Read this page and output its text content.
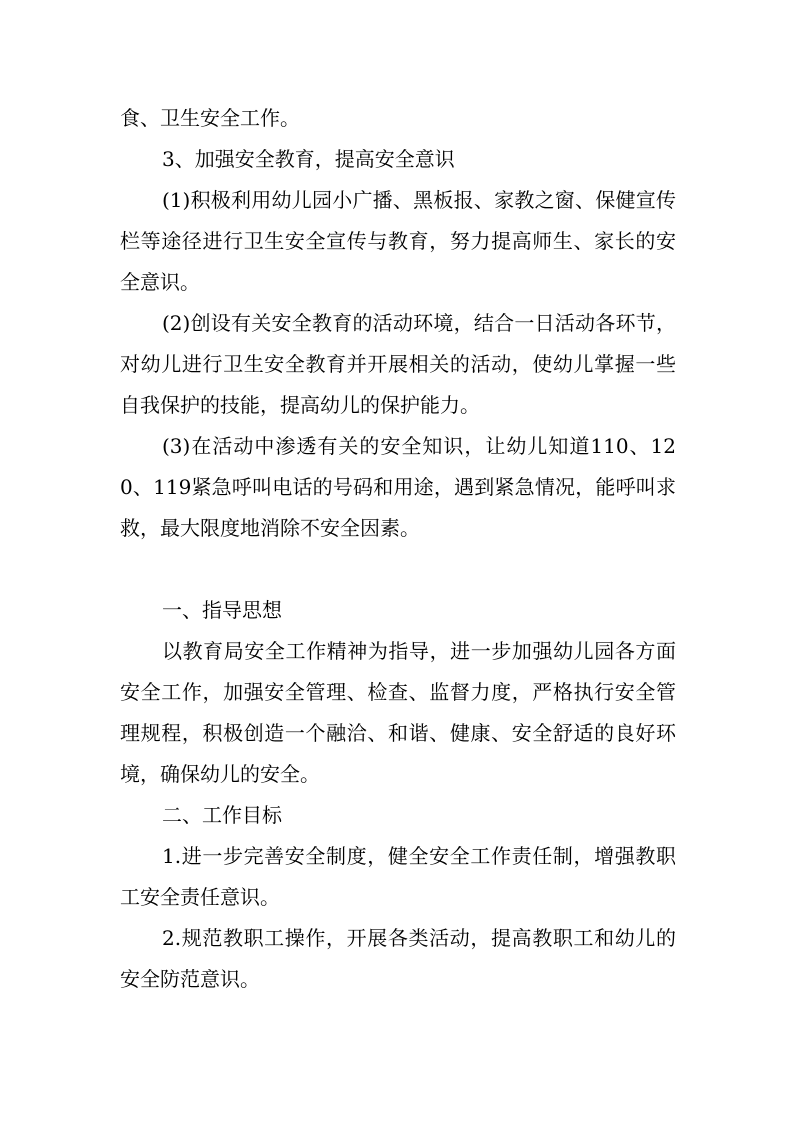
食、卫生安全工作。

3、加强安全教育，提高安全意识

(1)积极利用幼儿园小广播、黑板报、家教之窗、保健宣传栏等途径进行卫生安全宣传与教育，努力提高师生、家长的安全意识。

(2)创设有关安全教育的活动环境，结合一日活动各环节，对幼儿进行卫生安全教育并开展相关的活动，使幼儿掌握一些自我保护的技能，提高幼儿的保护能力。

(3)在活动中渗透有关的安全知识，让幼儿知道110、120、119紧急呼叫电话的号码和用途，遇到紧急情况，能呼叫求救，最大限度地消除不安全因素。

一、指导思想

以教育局安全工作精神为指导，进一步加强幼儿园各方面安全工作，加强安全管理、检查、监督力度，严格执行安全管理规程，积极创造一个融洽、和谐、健康、安全舒适的良好环境，确保幼儿的安全。

二、工作目标

1.进一步完善安全制度，健全安全工作责任制，增强教职工安全责任意识。

2.规范教职工操作，开展各类活动，提高教职工和幼儿的安全防范意识。
